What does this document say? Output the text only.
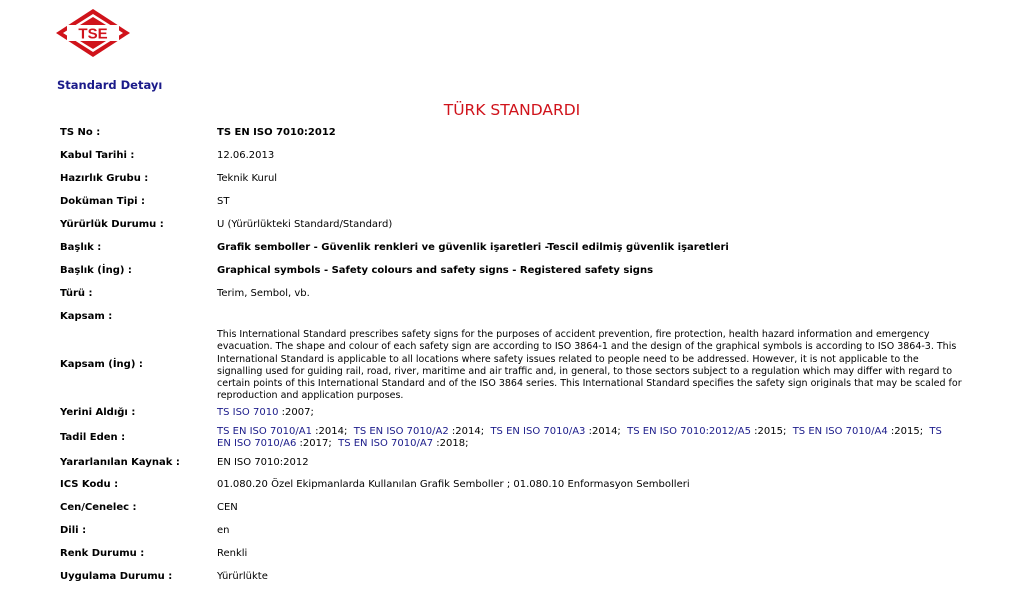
TSE
Standard Detayı
TÜRK STANDARDI
TS No :	TS EN ISO 7010:2012
Kabul Tarihi :	12.06.2013
Hazırlık Grubu :	Teknik Kurul
Doküman Tipi :	ST
Yürürlük Durumu :	U (Yürürlükteki Standard/Standard)
Başlık :	Grafik semboller - Güvenlik renkleri ve güvenlik işaretleri -Tescil edilmiş güvenlik işaretleri
Başlık (İng) :	Graphical symbols - Safety colours and safety signs - Registered safety signs
Türü :	Terim, Sembol, vb.
Kapsam :
Kapsam (İng) :
This International Standard prescribes safety signs for the purposes of accident prevention, fire protection, health hazard information and emergency evacuation. The shape and colour of each safety sign are according to ISO 3864-1 and the design of the graphical symbols is according to ISO 3864-3. This International Standard is applicable to all locations where safety issues related to people need to be addressed. However, it is not applicable to the signalling used for guiding rail, road, river, maritime and air traffic and, in general, to those sectors subject to a regulation which may differ with regard to certain points of this International Standard and of the ISO 3864 series. This International Standard specifies the safety sign originals that may be scaled for reproduction and application purposes.
Yerini Aldığı :	TS ISO 7010 :2007;
Tadil Eden :
TS EN ISO 7010/A1 :2014; TS EN ISO 7010/A2 :2014; TS EN ISO 7010/A3 :2014; TS EN ISO 7010:2012/A5 :2015; TS EN ISO 7010/A4 :2015; TS EN ISO 7010/A6 :2017; TS EN ISO 7010/A7 :2018;
Yararlanılan Kaynak :	EN ISO 7010:2012
ICS Kodu :	01.080.20 Özel Ekipmanlarda Kullanılan Grafik Semboller ; 01.080.10 Enformasyon Sembolleri
Cen/Cenelec :	CEN
Dili :	en
Renk Durumu :	Renkli
Uygulama Durumu :	Yürürlükte
